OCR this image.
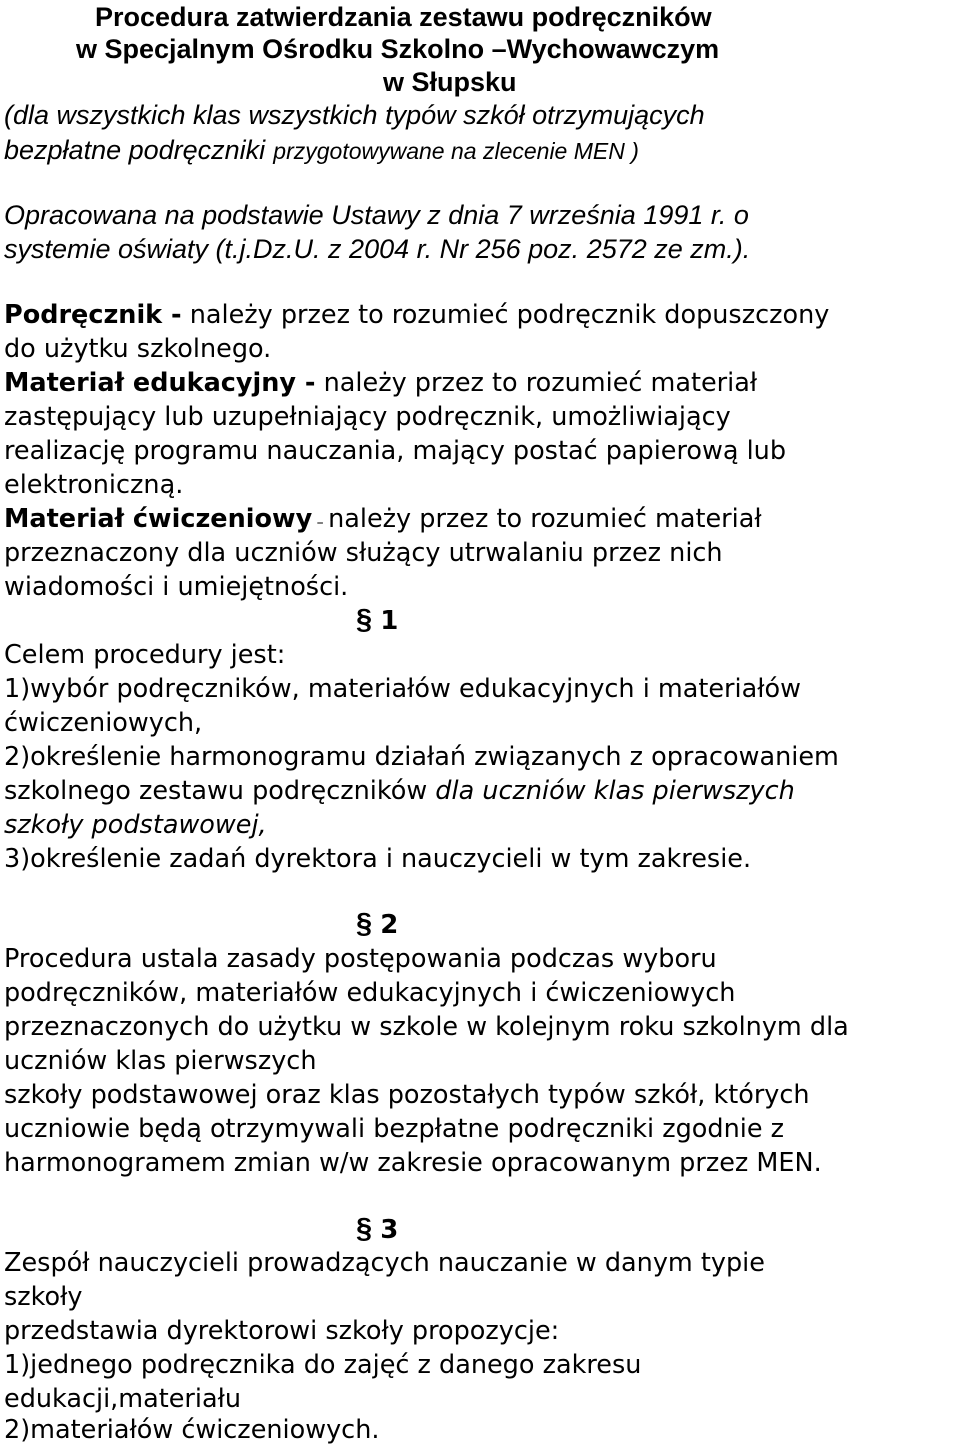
Procedura zatwierdzania zestawu podręczników
w Specjalnym Ośrodku Szkolno –Wychowawczym
w Słupsku
(dla wszystkich klas wszystkich typów szkół otrzymujących
bezpłatne podręczniki przygotowywane na zlecenie MEN )
Opracowana na podstawie Ustawy z dnia 7 września 1991 r. o
systemie oświaty (t.j.Dz.U. z 2004 r. Nr 256 poz. 2572 ze zm.).
Podręcznik - należy przez to rozumieć podręcznik dopuszczony
do użytku szkolnego.
Materiał edukacyjny - należy przez to rozumieć materiał
zastępujący lub uzupełniający podręcznik, umożliwiający
realizację programu nauczania, mający postać papierową lub
elektroniczną.
Materiał ćwiczeniowy – należy przez to rozumieć materiał
przeznaczony dla uczniów służący utrwalaniu przez nich
wiadomości i umiejętności.
§ 1
Celem procedury jest:
1)wybór podręczników, materiałów edukacyjnych i materiałów
ćwiczeniowych,
2)określenie harmonogramu działań związanych z opracowaniem
szkolnego zestawu podręczników dla uczniów klas pierwszych
szkoły podstawowej,
3)określenie zadań dyrektora i nauczycieli w tym zakresie.
§ 2
Procedura ustala zasady postępowania podczas wyboru
podręczników, materiałów edukacyjnych i ćwiczeniowych
przeznaczonych do użytku w szkole w kolejnym roku szkolnym dla
uczniów klas pierwszych
szkoły podstawowej oraz klas pozostałych typów szkół, których
uczniowie będą otrzymywali bezpłatne podręczniki zgodnie z
harmonogramem zmian w/w zakresie opracowanym przez MEN.
§ 3
Zespół nauczycieli prowadzących nauczanie w danym typie
szkoły
przedstawia dyrektorowi szkoły propozycje:
1)jednego podręcznika do zajęć z danego zakresu
edukacji,materiału
2)materiałów ćwiczeniowych.
